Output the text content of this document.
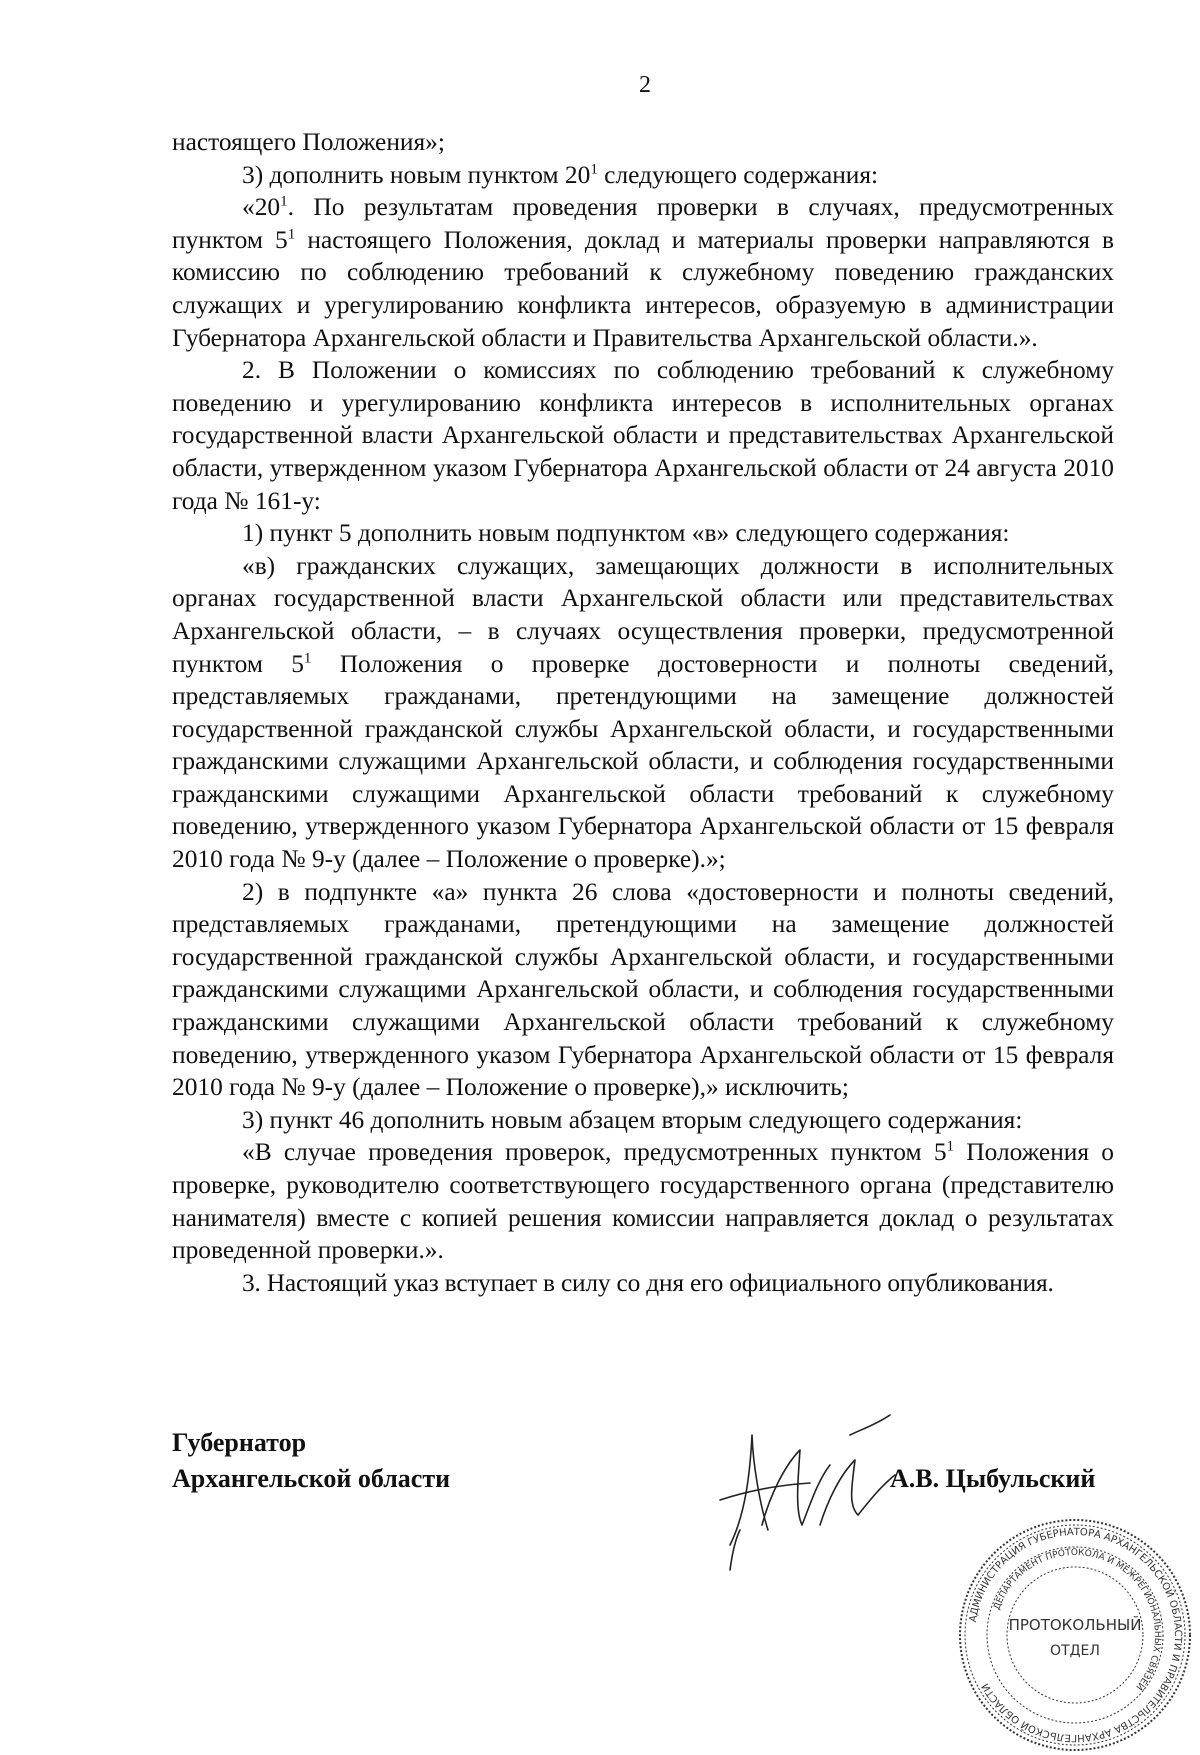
2

настоящего Положения»;

3) дополнить новым пунктом $20^1$ следующего содержания:

«$20^1$. По результатам проведения проверки в случаях, предусмотренных пунктом $5^1$ настоящего Положения, доклад и материалы проверки направляются в комиссию по соблюдению требований к служебному поведению гражданских служащих и урегулированию конфликта интересов, образуемую в администрации Губернатора Архангельской области и Правительства Архангельской области.».

2. В Положении о комиссиях по соблюдению требований к служебному поведению и урегулированию конфликта интересов в исполнительных органах государственной власти Архангельской области и представительствах Архангельской области, утвержденном указом Губернатора Архангельской области от 24 августа 2010 года № 161-у:

1) пункт 5 дополнить новым подпунктом «в» следующего содержания:

«в) гражданских служащих, замещающих должности в исполнительных органах государственной власти Архангельской области или представительствах Архангельской области, – в случаях осуществления проверки, предусмотренной пунктом $5^1$ Положения о проверке достоверности и полноты сведений, представляемых гражданами, претендующими на замещение должностей государственной гражданской службы Архангельской области, и государственными гражданскими служащими Архангельской области, и соблюдения государственными гражданскими служащими Архангельской области требований к служебному поведению, утвержденного указом Губернатора Архангельской области от 15 февраля 2010 года № 9-у (далее – Положение о проверке).»;

2) в подпункте «а» пункта 26 слова «достоверности и полноты сведений, представляемых гражданами, претендующими на замещение должностей государственной гражданской службы Архангельской области, и государственными гражданскими служащими Архангельской области, и соблюдения государственными гражданскими служащими Архангельской области требований к служебному поведению, утвержденного указом Губернатора Архангельской области от 15 февраля 2010 года № 9-у (далее – Положение о проверке),» исключить;

3) пункт 46 дополнить новым абзацем вторым следующего содержания:

«В случае проведения проверок, предусмотренных пунктом $5^1$ Положения о проверке, руководителю соответствующего государственного органа (представителю нанимателя) вместе с копией решения комиссии направляется доклад о результатах проведенной проверки.».

3. Настоящий указ вступает в силу со дня его официального опубликования.

Губернатор
Архангельской области	А.В. Цыбульский
АДМИНИСТРАЦИЯ ГУБЕРНАТОРА АРХАНГЕЛЬСКОЙ ОБЛАСТИ И ПРАВИТЕЛЬСТВА АРХАНГЕЛЬСКОЙ ОБЛАСТИ
ДЕПАРТАМЕНТ ПРОТОКОЛА И МЕЖРЕГИОНАЛЬНЫХ СВЯЗЕЙ
ПРОТОКОЛЬНЫЙ
ОТДЕЛ
